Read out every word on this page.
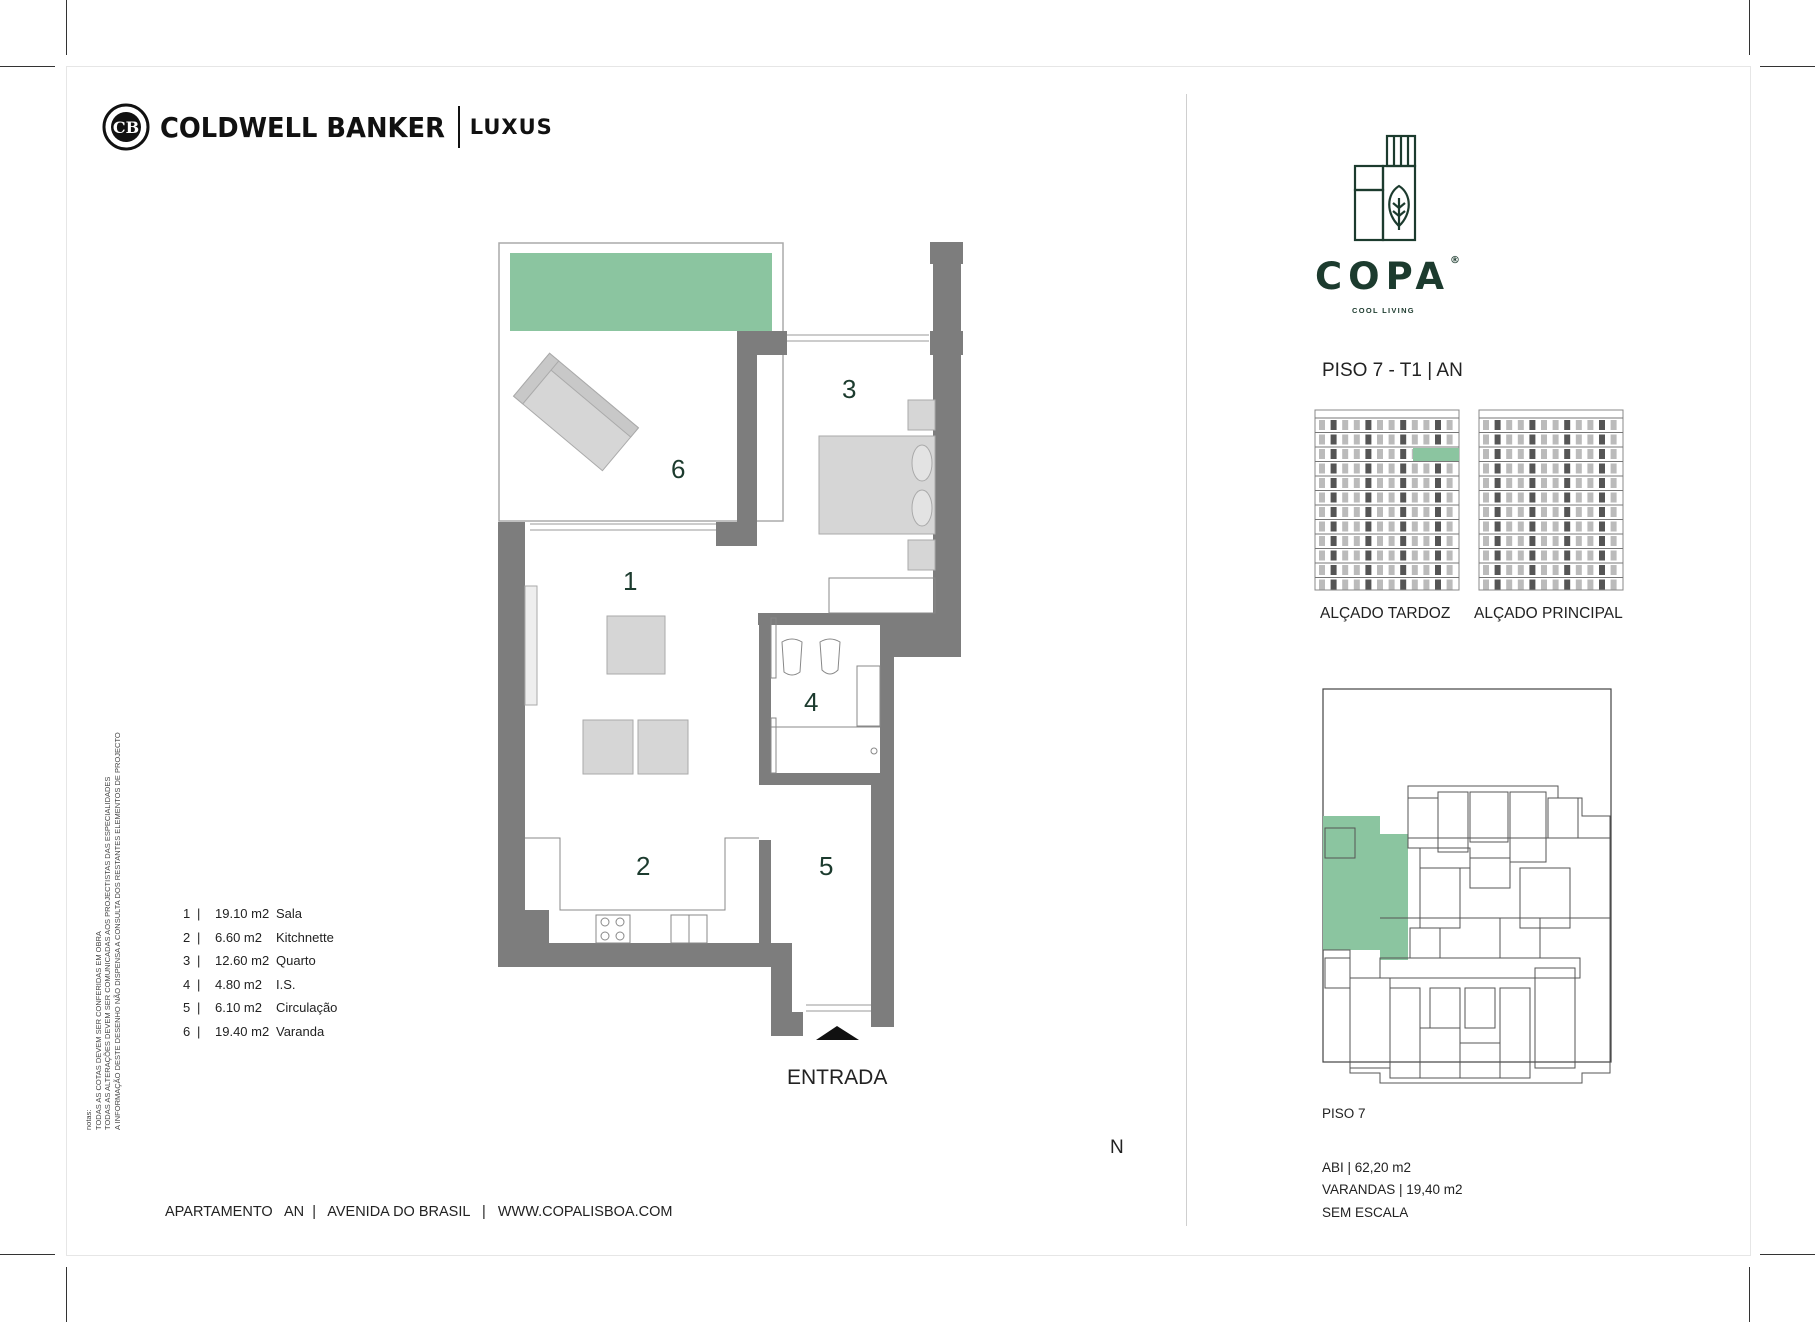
CB COLDWELL BANKER LUXUS
1
2
3
4
5
6
ENTRADA
N
1 | 19.10 m2 Sala
2 | 6.60 m2 Kitchnette
3 | 12.60 m2 Quarto
4 | 4.80 m2 I.S.
5 | 6.10 m2 Circulação
6 | 19.40 m2 Varanda
notas: TODAS AS COTAS DEVEM SER CONFERIDAS EM OBRA TODAS AS ALTERAÇÕES DEVEM SER COMUNICADAS AOS PROJECTISTAS DAS ESPECIALIDADES A INFORMAÇÃO DESTE DESENHO NÃO DISPENSA A CONSULTA DOS RESTANTES ELEMENTOS DE PROJECTO
APARTAMENTO   AN | AVENIDA DO BRASIL | WWW.COPALISBOA.COM
COPA®
COOL LIVING
PISO 7 - T1 | AN
ALÇADO TARDOZ ALÇADO PRINCIPAL
PISO 7
ABI | 62,20 m2
VARANDAS | 19,40 m2
SEM ESCALA
